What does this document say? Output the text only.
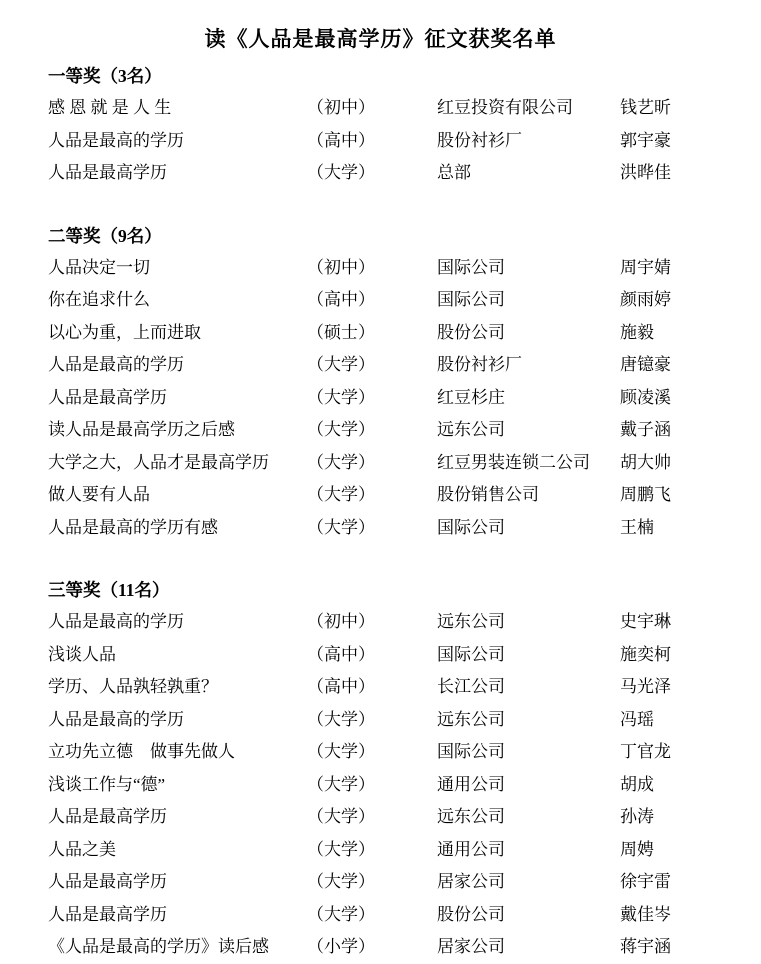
读《人品是最高学历》征文获奖名单
一等奖（3名）
感 恩 就 是 人 生	（初中）	红豆投资有限公司	钱艺昕
人品是最高的学历	（高中）	股份衬衫厂	郭宇豪
人品是最高学历	（大学）	总部	洪晔佳
二等奖（9名）
人品决定一切	（初中）	国际公司	周宇婧
你在追求什么	（高中）	国际公司	颜雨婷
以心为重，上而进取	（硕士）	股份公司	施毅
人品是最高的学历	（大学）	股份衬衫厂	唐镱豪
人品是最高学历	（大学）	红豆杉庄	顾凌溪
读人品是最高学历之后感	（大学）	远东公司	戴子涵
大学之大，人品才是最高学历	（大学）	红豆男装连锁二公司	胡大帅
做人要有人品	（大学）	股份销售公司	周鹏飞
人品是最高的学历有感	（大学）	国际公司	王楠
三等奖（11名）
人品是最高的学历	（初中）	远东公司	史宇琳
浅谈人品	（高中）	国际公司	施奕柯
学历、人品孰轻孰重？	（高中）	长江公司	马光泽
人品是最高的学历	（大学）	远东公司	冯瑶
立功先立德　做事先做人	（大学）	国际公司	丁官龙
浅谈工作与“德”	（大学）	通用公司	胡成
人品是最高学历	（大学）	远东公司	孙涛
人品之美	（大学）	通用公司	周娉
人品是最高学历	（大学）	居家公司	徐宇雷
人品是最高学历	（大学）	股份公司	戴佳岑
《人品是最高的学历》读后感	（小学）	居家公司	蒋宇涵
